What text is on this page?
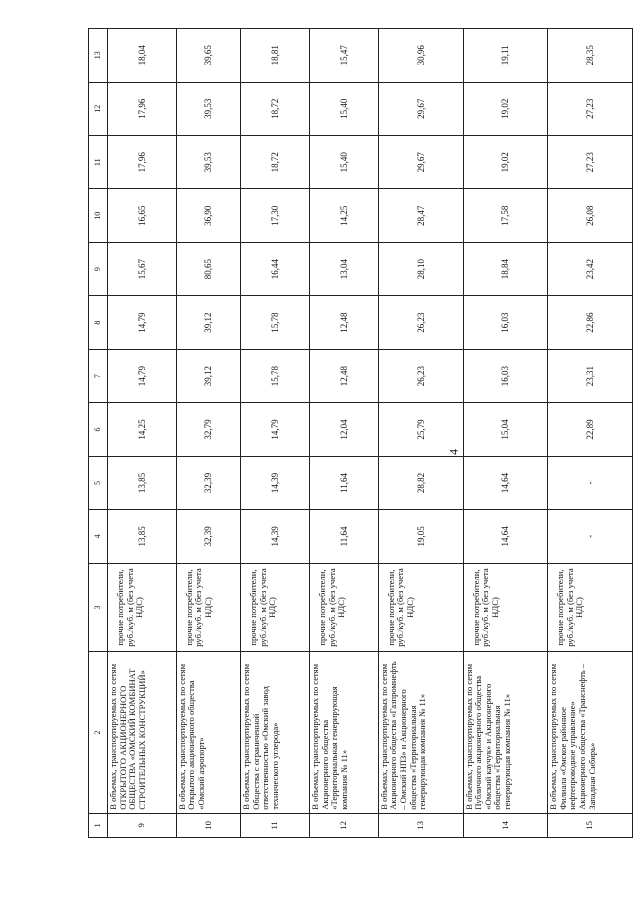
4
1	2	3	4	5	6	7	8	9	10	11	12	13
9	В объемах, транспортируемых по сетям ОТКРЫТОГО АКЦИОНЕРНОГО ОБЩЕСТВА «ОМСКИЙ КОМБИНАТ СТРОИТЕЛЬНЫХ КОНСТРУКЦИЙ»	прочие потребители, руб./куб. м (без учета НДС)	13,85	13,85	14,25	14,79	14,79	15,67	16,65	17,96	17,96	18,04
10	В объемах, транспортируемых по сетям Открытого акционерного общества «Омский аэропорт»	прочие потребители, руб./куб. м (без учета НДС)	32,39	32,39	32,79	39,12	39,12	80,65	36,90	39,53	39,53	39,65
11	В объемах, транспортируемых по сетям Общества с ограниченной ответственностью «Омский завод технического углерода»	прочие потребители, руб./куб. м (без учета НДС)	14,39	14,39	14,79	15,78	15,78	16,44	17,30	18,72	18,72	18,81
12	В объемах, транспортируемых по сетям Акционерного общества «Территориальная генерирующая компания № 11»	прочие потребители, руб./куб. м (без учета НДС)	11,64	11,64	12,04	12,48	12,48	13,04	14,25	15,40	15,40	15,47
13	В объемах, транспортируемых по сетям Акционерного общества «Газпромнефть – Омский НПЗ» и Акционерного общества «Территориальная генерирующая компания № 11»	прочие потребители, руб./куб. м (без учета НДС)	19,05	28,82	25,79	26,23	26,23	28,10	28,47	29,67	29,67	30,96
14	В объемах, транспортируемых по сетям Публичного акционерного общества «Омский каучук» и Акционерного общества «Территориальная генерирующая компания № 11»	прочие потребители, руб./куб. м (без учета НДС)	14,64	14,64	15,04	16,03	16,03	18,84	17,58	19,02	19,02	19,11
15	В объемах, транспортируемых по сетям Филиала «Омское районное нефтепроводное управление» Акционерного общества «Транснефть – Западная Сибирь»	прочие потребители, руб./куб. м (без учета НДС)	-	-	22,89	23,31	22,86	23,42	26,08	27,23	27,23	28,35
